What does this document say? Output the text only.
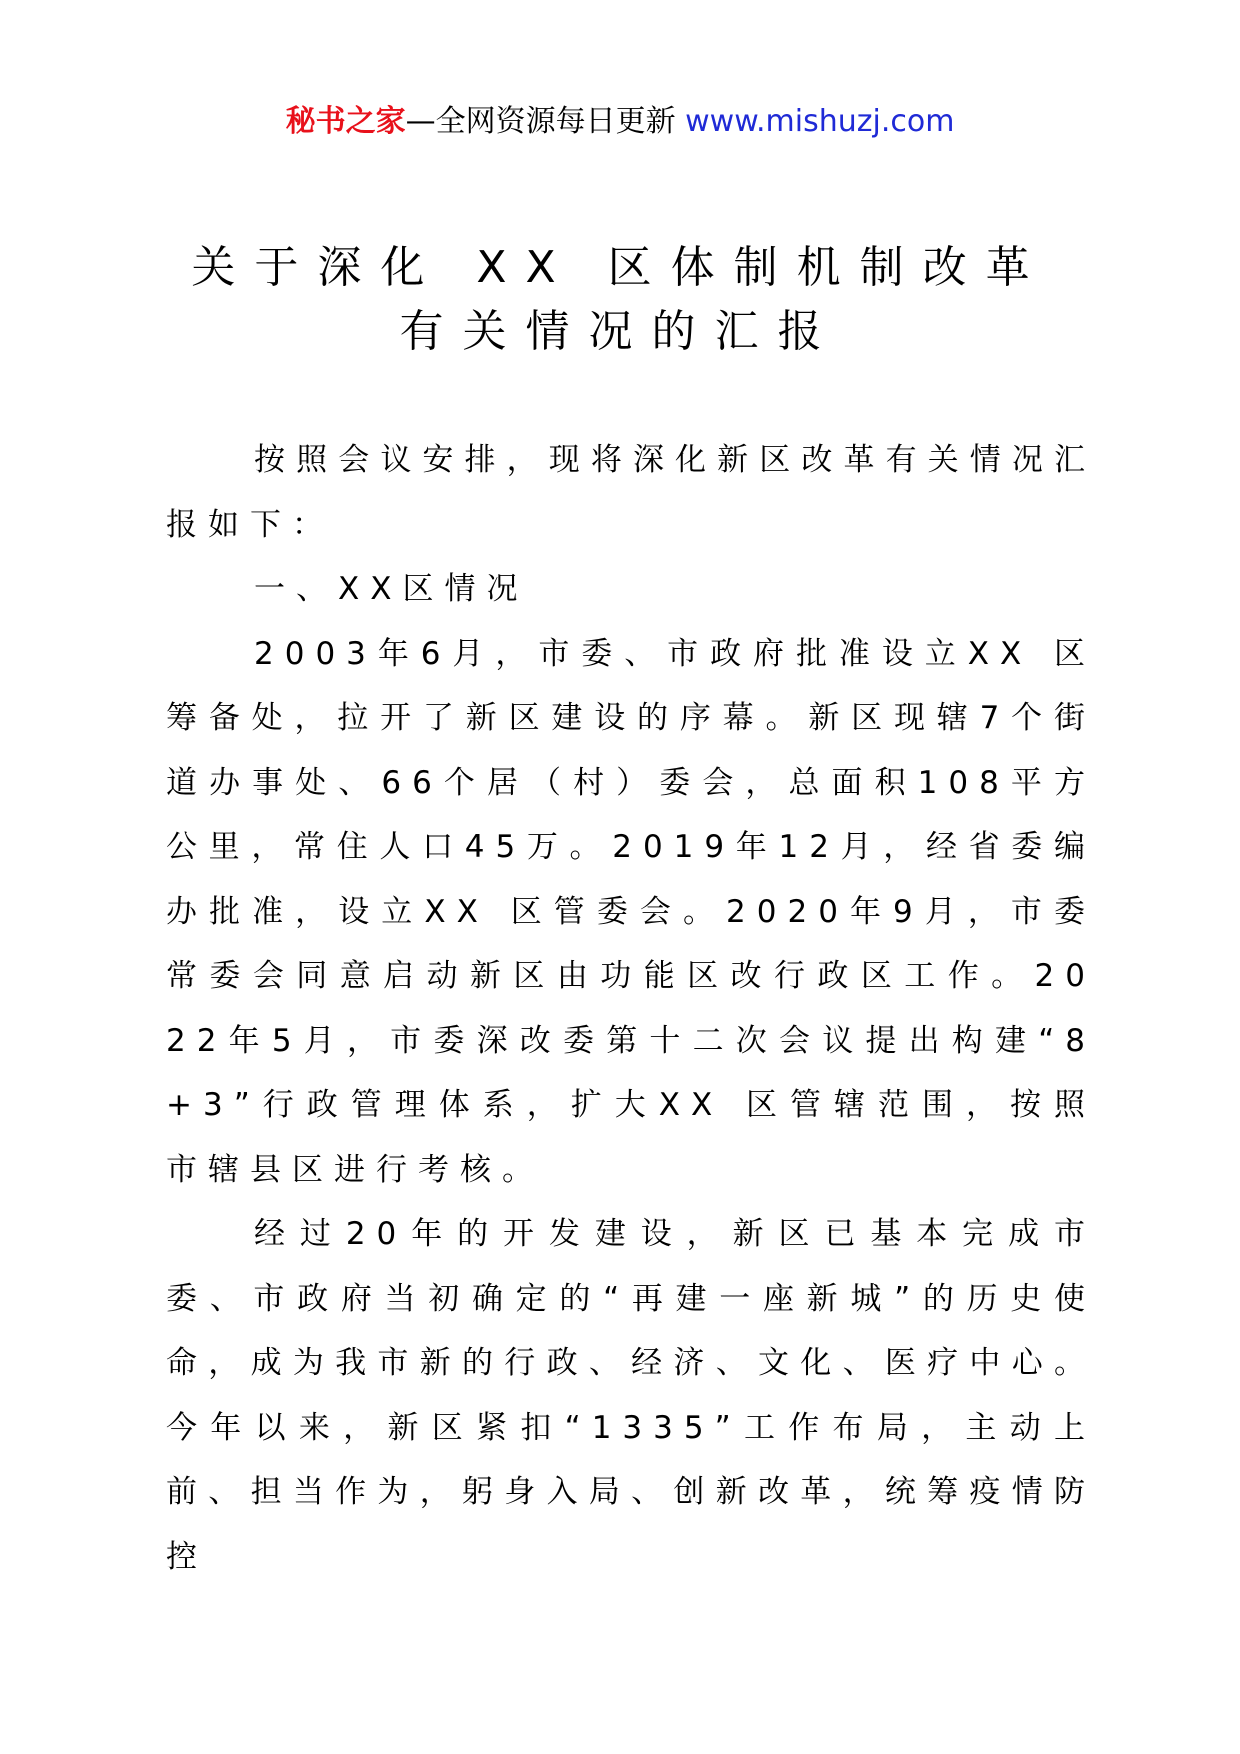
秘书之家—全网资源每日更新 www.mishuzj.com
关于深化 XX 区体制机制改革
有关情况的汇报

按照会议安排，现将深化新区改革有关情况汇报如下：

一、XX区情况

2003年6月，市委、市政府批准设立XX 区筹备处，拉开了新区建设的序幕。新区现辖7个街道办事处、66个居（村）委会，总面积108平方公里，常住人口45万。2019年12月，经省委编办批准，设立XX 区管委会。2020年9月，市委常委会同意启动新区由功能区改行政区工作。2022年5月，市委深改委第十二次会议提出构建“8+3”行政管理体系，扩大XX 区管辖范围，按照市辖县区进行考核。

经过20年的开发建设，新区已基本完成市委、市政府当初确定的“再建一座新城”的历史使命，成为我市新的行政、经济、文化、医疗中心。今年以来，新区紧扣“1335”工作布局，主动上前、担当作为，躬身入局、创新改革，统筹疫情防控
